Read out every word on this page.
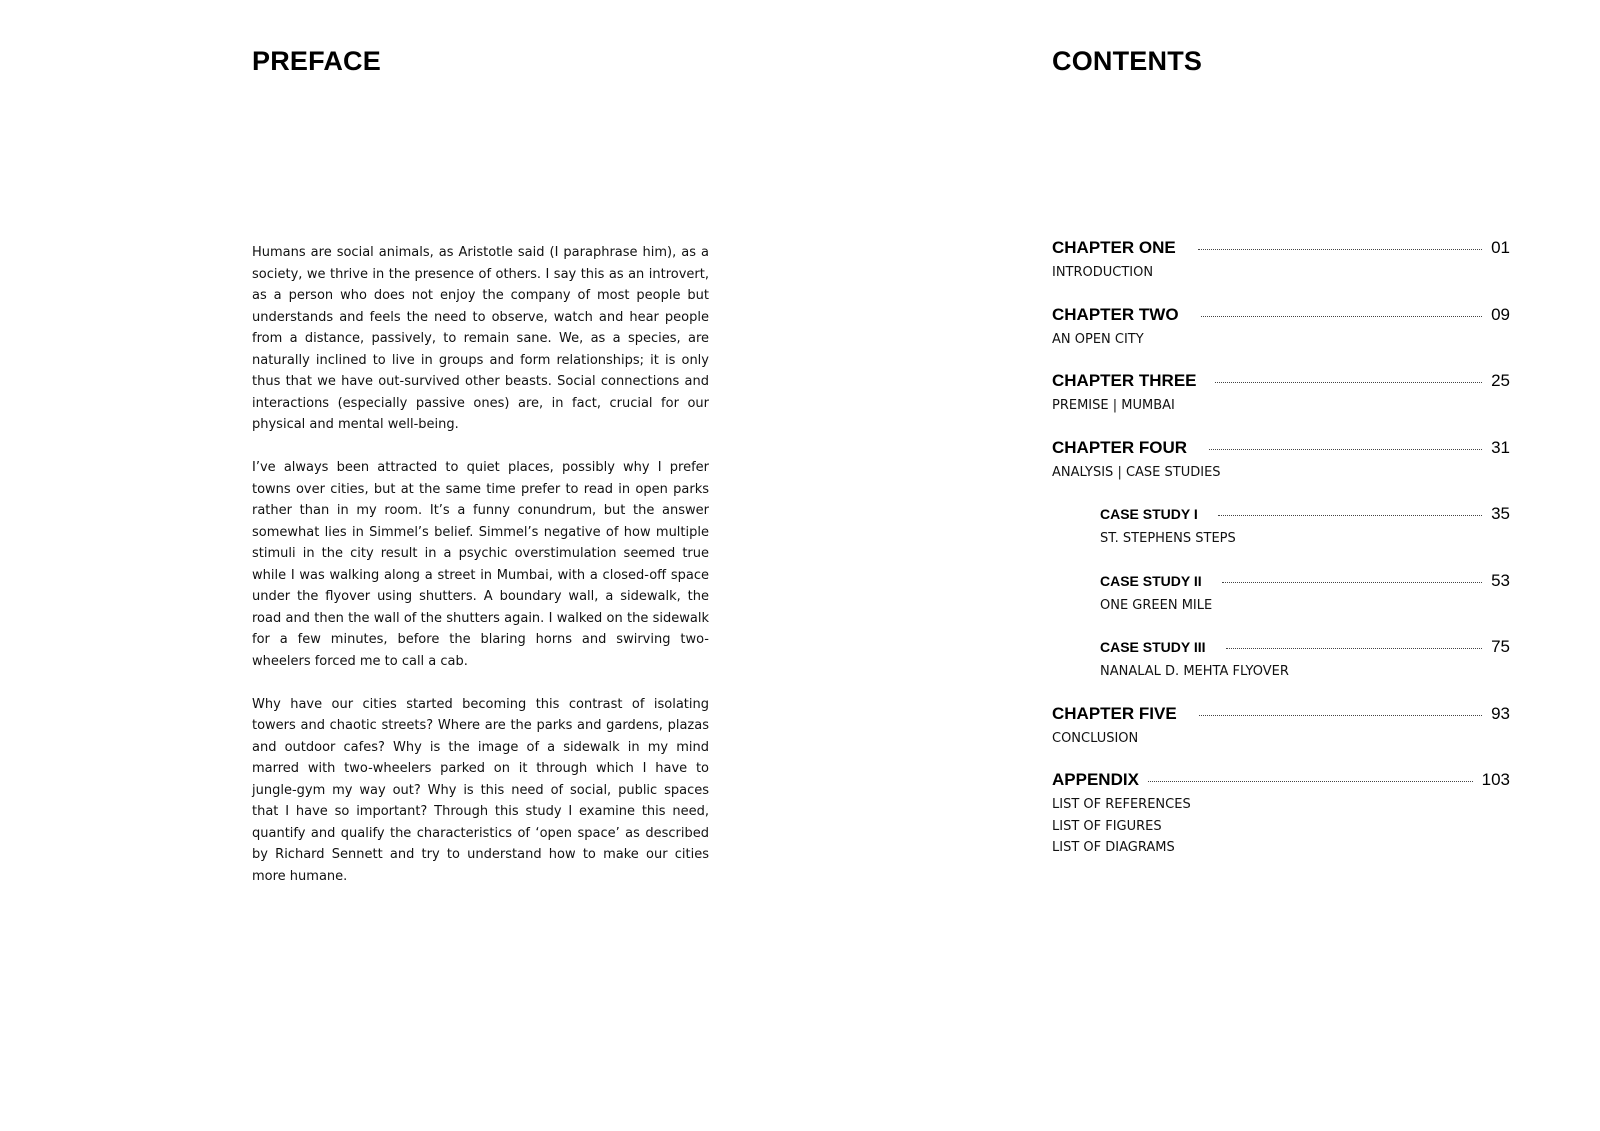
PREFACE	CONTENTS

Humans are social animals, as Aristotle said (I paraphrase him), as a society, we thrive in the presence of others. I say this as an introvert, as a person who does not enjoy the company of most people but understands and feels the need to observe, watch and hear people from a distance, passively, to remain sane. We, as a species, are naturally inclined to live in groups and form relationships; it is only thus that we have out-survived other beasts. Social connections and interactions (especially passive ones) are, in fact, crucial for our physical and mental well-being.

I’ve always been attracted to quiet places, possibly why I prefer towns over cities, but at the same time prefer to read in open parks rather than in my room. It’s a funny conundrum, but the answer somewhat lies in Simmel’s belief. Simmel’s negative of how multiple stimuli in the city result in a psychic overstimulation seemed true while I was walking along a street in Mumbai, with a closed-off space under the flyover using shutters. A boundary wall, a sidewalk, the road and then the wall of the shutters again. I walked on the sidewalk for a few minutes, before the blaring horns and swirving two-wheelers forced me to call a cab.

Why have our cities started becoming this contrast of isolating towers and chaotic streets? Where are the parks and gardens, plazas and outdoor cafes? Why is the image of a sidewalk in my mind marred with two-wheelers parked on it through which I have to jungle-gym my way out? Why is this need of social, public spaces that I have so important? Through this study I examine this need, quantify and qualify the characteristics of ‘open space’ as described by Richard Sennett and try to understand how to make our cities more humane.

CHAPTER ONE	01
INTRODUCTION
CHAPTER TWO	09
AN OPEN CITY
CHAPTER THREE	25
PREMISE | MUMBAI
CHAPTER FOUR	31
ANALYSIS | CASE STUDIES
CASE STUDY I	35
ST. STEPHENS STEPS
CASE STUDY II	53
ONE GREEN MILE
CASE STUDY III	75
NANALAL D. MEHTA FLYOVER
CHAPTER FIVE	93
CONCLUSION
APPENDIX	103
LIST OF REFERENCES
LIST OF FIGURES
LIST OF DIAGRAMS
